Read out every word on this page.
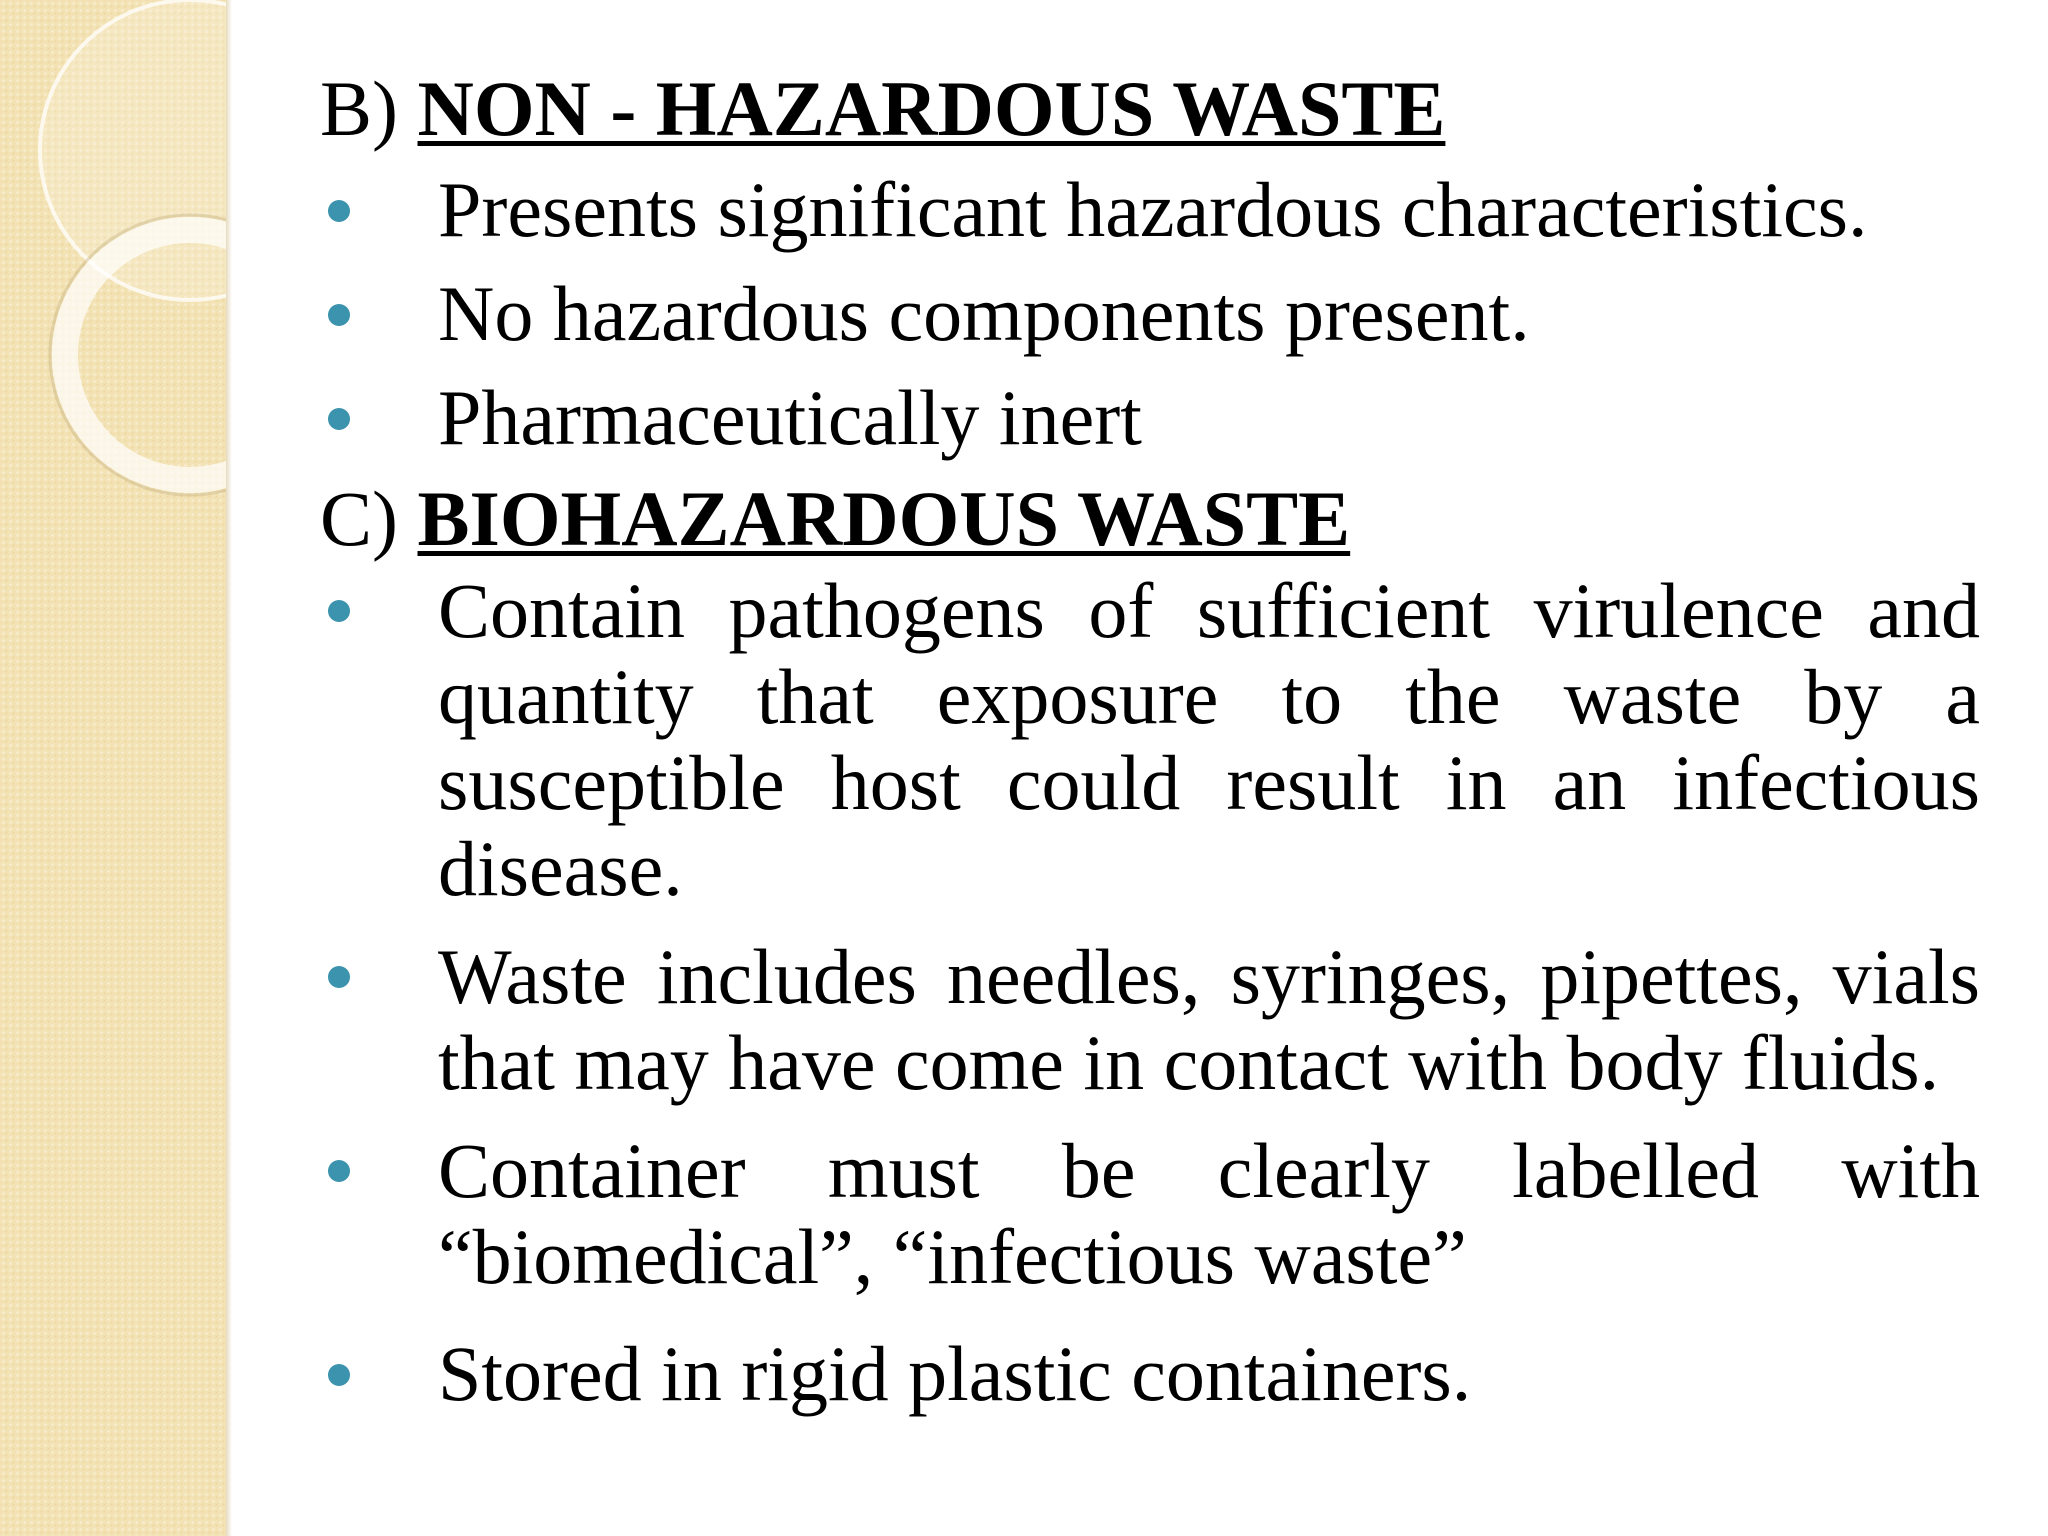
B) NON - HAZARDOUS WASTE

Presents significant hazardous characteristics.

No hazardous components present.

Pharmaceutically inert

C) BIOHAZARDOUS WASTE

Contain pathogens of sufficient virulence and quantity that exposure to the waste by a susceptible host could result in an infectious disease.

Waste includes needles, syringes, pipettes, vials that may have come in contact with body fluids.

Container must be clearly labelled with “biomedical”, “infectious waste”

Stored in rigid plastic containers.
